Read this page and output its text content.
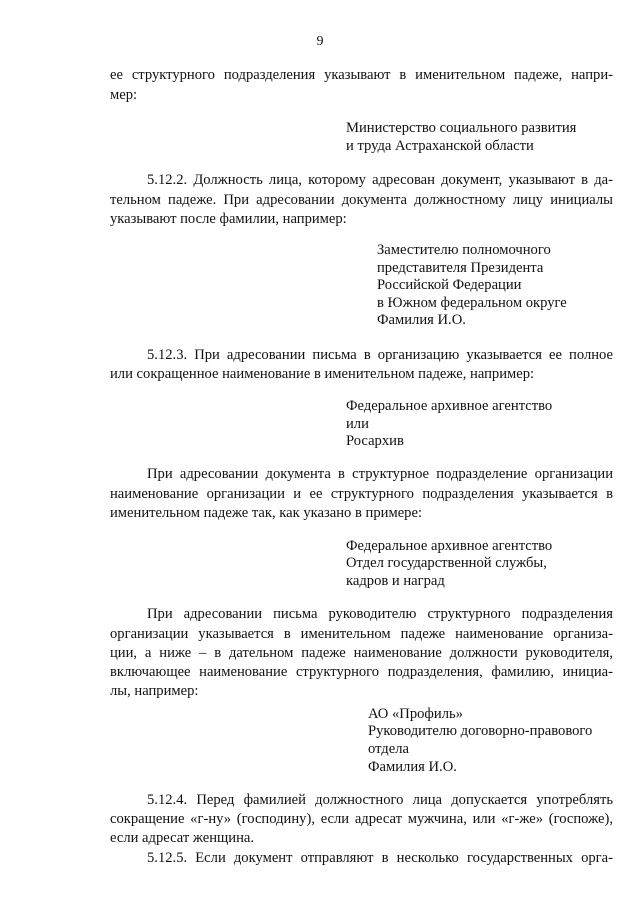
9
ее структурного подразделения указывают в именительном падеже, напри-
мер:
Министерство социального развития
и труда Астраханской области
5.12.2. Должность лица, которому адресован документ, указывают в да-
тельном падеже. При адресовании документа должностному лицу инициалы
указывают после фамилии, например:
Заместителю полномочного
представителя Президента
Российской Федерации
в Южном федеральном округе
Фамилия И.О.
5.12.3. При адресовании письма в организацию указывается ее полное
или сокращенное наименование в именительном падеже, например:
Федеральное архивное агентство
или
Росархив
При адресовании документа в структурное подразделение организации
наименование организации и ее структурного подразделения указывается в
именительном падеже так, как указано в примере:
Федеральное архивное агентство
Отдел государственной службы,
кадров и наград
При адресовании письма руководителю структурного подразделения
организации указывается в именительном падеже наименование организа-
ции, а ниже – в дательном падеже наименование должности руководителя,
включающее наименование структурного подразделения, фамилию, инициа-
лы, например:
АО «Профиль»
Руководителю договорно-правового
отдела
Фамилия И.О.
5.12.4. Перед фамилией должностного лица допускается употреблять
сокращение «г-ну» (господину), если адресат мужчина, или «г-же» (госпоже),
если адресат женщина.
5.12.5. Если документ отправляют в несколько государственных орга-
